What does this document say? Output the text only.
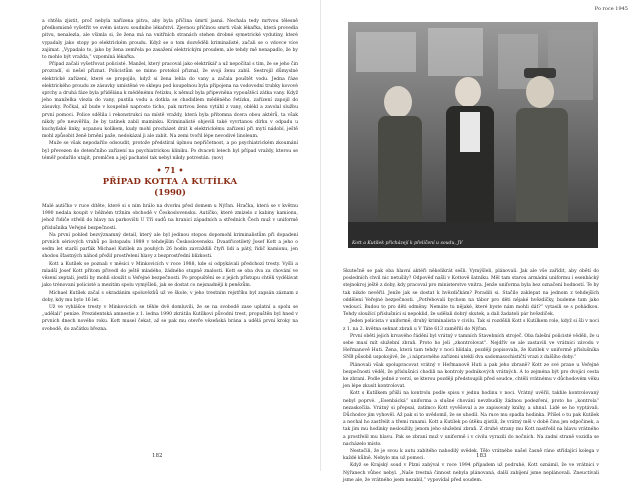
a chtěla zjistit, proč nebyla nařízena pitva, aby byla příčina úmrtí jasná. Nechala tedy mrtvou tělesně předkomisně vyšetřit ve svém ústavu soudního lékařství. Zjevnou příčinou smrti však lékařka, která provedla pitvu, nenalezla, ale všimla si, že žena má na vnitřních stranách stehen drobné symetrické vydutiny, které vypadaly jako stopy po elektrickém proudu. Když se o tom dozvěděli kriminalisté, začali se o vdovce více zajímat. „Vypadalo to, jako by žena zemřela po zasažení elektrickým proudem, ale tehdy mě nenapadlo, že by to mohlo být vražda,“ vzpomíná lékařka.

Případ začali vyšetřovat policisté. Manžel, který pracoval jako elektrikář a už nepočítal s tím, že se jeho čin prozradí, si nešel přiznat. Policistům se mimo protokol přiznal, že svoji ženu zabil. Sestrojil důmyslné elektrické zařízení, které se propojilo, když si žena lehla do vany a začala pouštět vodu. Jedna řáze elektrického proudu ze zásuvky umístěné ve sklepu pod koupelnou byla připojena na vodovodní trubky kovové sprchy a druhá fáze byla přidělána k měděnému řetízku, k němuž byla připevněna vypouštěcí zátka vany. Když jeho manželka vlezla do vany, pustila vodu a dotkla se chodidlem měděného řetízku, zařízení zapojil do zásuvky. Počkal, až bude v koupelně naprosto ticho, pak mrtvou ženu vytáhl z vany, oblékl a zavolal službu první pomoci. Police sdělila i rekonstrukci na místě vraždy, která byla přítomna dcera obou aktérů, ta však nikdy pře neuvěřila, že by tatínek zabil maminku. Kriminalisté objevili také vyvrtanou dírku v odpadu u kuchyňské linky, ucpanou kolíkem, kudy mohl procházet drát k elektrickému zařízení při mytí nádobí, ještě mohl způsobit ženě brnění paže, nedokázal ji ale zabít. Na zemi tvořil lépe nevodivé linoleum.

Muže se však nepodařilo odsoudit, protože předstíral úplnou nepříčetnost, a po psychiatrickém zkoumání byl převezen do detenčního zařízení na psychiatrickou kliniku. Po dvaceti letech byl případ vraždy, kterou se téměř podařilo utajit, promlčen a její pachatel tak nebyl nikdy potrestán. (nov)

• 71 •
PŘÍPAD KOTTA A KUTÍLKA
(1990)

Malé autíčko v ruce dítěte, které si s ním hrálo na dvorku před domem u Nýřan. Hračka, která se v květnu 1990 nedala koupit v běžném tržním obchodě v Československu. Autíčko, které zmizelo z kabiny kamionu, jehož řidiče střelil do hlavy na parkovišti U Tří sudů na hranicí západních a středních Čech muž v uniformě příslušníka Veřejné bezpečnosti.

Na první pohled bezvýznamný detail, který ale byl jedinou stopou dopomohl kriminalistům při dopadení prvních sériových vrahů po listopadu 1989 v tehdejším Československu. Dvaatřicetiletý Josef Kott a jeho o sedm let starší parťák Michael Kutílek za pouhých 26 hodin zavraždili čtyři lidi a pátý, řidič kamionu, jen shodou šťastných náhod přežil prostřelení hlavy z bezprostřední blízkosti.

Kott a Kutílek se poznali v měsíci v Minkovicích v roce 1988, kde si odpykávali předchozí tresty. Vyšli a mladší Josef Kott přitom přivedl do ještě mladého, žádného stupně znalosti. Kott se oba dva za chování ve vězení zeptali, jestli by mohli sloužit u Veřejné bezpečnosti. Po propuštění se z jejich přístupu chtěli vydělávat jako trénovaní policisté a mezitím spolu vymýšleli, jak se dostat co nejsnadněji k penězům.

Michael Kutílek začal s okradáním spoluvězňů už ve škole, v jeho trestním rejstříku byl zapsán záznam z doby, kdy mu bylo 16 let.

Už ve vyhlášce tresty v Minkovicích se těhle dvě domluvili, že se na svobodě zase uplatní a spolu se „udělali“ peníze. Prezidentská amnestie z 1. ledna 1990 zkrátila Kutílkovi původní trest, propuštěn byl hned v prvních dnech nového roku. Kott musel čekat, až se pak mu otevře vězeňská brána a udělá první kroky na svobodě, do začátku března.

182
Po roce 1945
183
Kott a Kutílek přicházejí k přelíčení u soudu, JV

Skutečně se pak oba hlavní aktéři několikrát sešli. Vymýšleli, plánovali. Jak ale vše zařídit, aby obětí do posledních chvil nic netušily? Odpověď našli v Kottově šatníku. Měl tam starou armádní uniformu i esenbácký stejnokroj ještě z doby, kdy pracoval pro ministerstvo vnitra. Jenže uniforma byla bez označení hodností. Te by tak nikdo nevěřil. Jenže jak se dostat k hvězdičkám? Poradili si. Stačilo zaklepat na jednom z tehdejších oddělení Veřejné bezpečnosti. „Potřebovali bychom na tábor pro děti nějaké hvězdičky, budeme tam jako vedoucí. Budou to pro děti odměny. Nemáte tu nějaké, které byste nám mohli dát?“ vytasili se s pohádkou. Tehdy sloužící příslušníci si nepoklid, že udělali dobrý skutek, a dali žadateli pár hvězdiček.

Jeden policista v uniformě, druhý kriminalista v civilu. Tak si rozdělili Kott s Kutílkem role, když si šli v noci z 1. na 2. května sehnat zbraň u V Táte 613 zaměřili do Nýřan.

První oběti jejich krvavého řádění byl vrátný v tamních Stavebních stroječ. Oba falešní policisté věděli, že u sebe musí mít služební zbraň. Proto ho jeli „zkontrolovat“. Nejdřív se ale zastavili ve vrátnici závodu v Heřmanově Huti. Žena, která tam tehdy v noci hlídala, později popisovala, že Kutílek v uniformě příslušníka SNB působil uspokojivě, že „i nápravného zařízení uteklí dva sadomasochističtí vrazi z dalšího doby.“

Plánovali však spolupracovat vrátný v Heřmanově Huti a pak jeho zbraně? Kott ze své praxe u Veřejné bezpečnosti věděl, že příslušníci chodili na kontroly podnikových vrátných. A to zejména být pro dvojici cesta ke zbrani. Podle jedné z verzí, se kterou později předstoupili před soudce, chtěli vrátnému v důchodovém věku jen lépe zkusit kontrolovat.

Kott s Kutílkem přišli na kontrolu podle spisu v jednu hodinu v noci. Vrátný uvěřil, takhle kontrolovaný nebyl poprvé. „Esenbácká“ uniforma a slušné chování nevzbudily žádnou podezření, proto ho „kontrola“ nezaskočila. Vrátný si přepsal, zatímco Kott vyvěšoval a ze zapisovaly knihy, a uhnul. Lidé se ho vyptávali. Důchodce jim vyhověl. Až pak si to uvědomil, že se uhodil. Na ruce mu spadla hodinka. Přišel o tu pak Kutílek a nechal ho zastřelit a třemi ranami. Kott a Kutílek po útěku zjistili, že vrátný měl v době činu jen odpočinek, a tak jim mu hodinky nesloužily, jenom jeho služební zbraň. Z druhé strany mu Kott nastřelil na hlavu vrátného a prostřelil mu hlavu. Pak se zbraní muž v uniformě i v civilu vyrazili do nočních. Na zadní straně vozidla se nacházelo místo.

Nestačili, že je svou k autu zabitého nahodilý svědek. Tělo vrátného našel časně ráno střídající kolega v každé kůlně. Nebylo mu už pomoci.

Když se Krajský soud v Plzni zabýval v roce 1994 případem už podruhé, Kott oznámil, že ve vrátnici v Nýřanech vůbec nebyl. „Naše trestná činnost nebyla plánovaná, další zabíjení jsme neplánovali. Zneuctívali jsme ale, že vrátného jsem nezabil,“ vypovídal před soudem.
